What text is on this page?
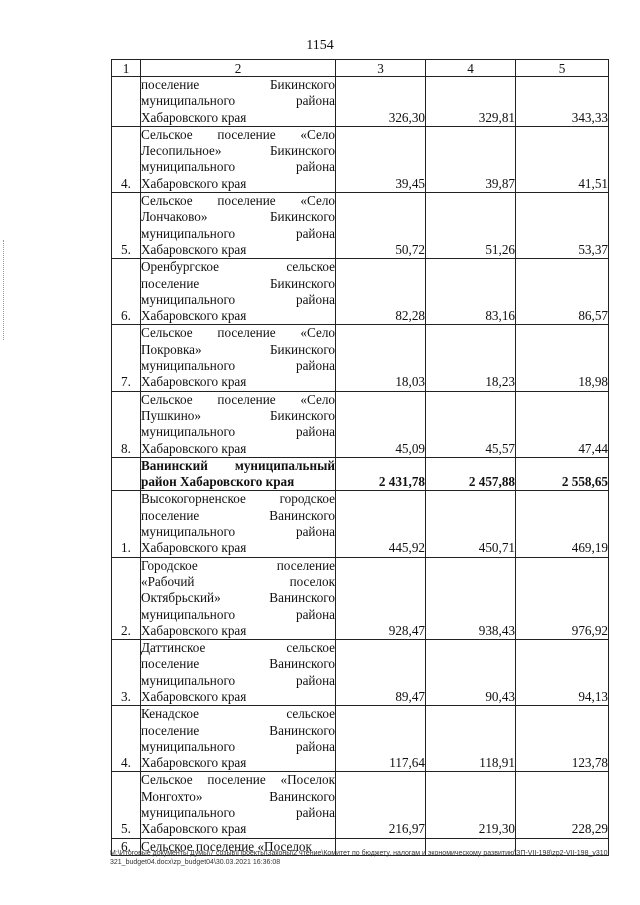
1154
1	2	3	4	5

	поселение Бикинского
муниципального района
Хабаровского края	326,30	329,81	343,33
4.	Сельское поселение «Село
Лесопильное» Бикинского
муниципального района
Хабаровского края	39,45	39,87	41,51
5.	Сельское поселение «Село
Лончаково» Бикинского
муниципального района
Хабаровского края	50,72	51,26	53,37
6.	Оренбургское сельское
поселение Бикинского
муниципального района
Хабаровского края	82,28	83,16	86,57
7.	Сельское поселение «Село
Покровка» Бикинского
муниципального района
Хабаровского края	18,03	18,23	18,98
8.	Сельское поселение «Село
Пушкино» Бикинского
муниципального района
Хабаровского края	45,09	45,57	47,44

	Ванинский муниципальный
район Хабаровского края	2 431,78	2 457,88	2 558,65
1.	Высокогорненское городское
поселение Ванинского
муниципального района
Хабаровского края	445,92	450,71	469,19
2.	Городское поселение
«Рабочий поселок
Октябрьский» Ванинского
муниципального района
Хабаровского края	928,47	938,43	976,92
3.	Даттинское сельское
поселение Ванинского
муниципального района
Хабаровского края	89,47	90,43	94,13
4.	Кенадское сельское
поселение Ванинского
муниципального района
Хабаровского края	117,64	118,91	123,78
5.	Сельское поселение «Поселок
Монгохто» Ванинского
муниципального района
Хабаровского края	216,97	219,30	228,29
6.	Сельское поселение «Поселок			

M:\Итоговые документы Думы\7 созыв\Проекты\Законы\2 чтение\Комитет по бюджету, налогам и экономическому развитию\ЗП-VII-198\zp2-VII-198_v310321_budget04.docx\zp_budget04\30.03.2021 16:36:08
